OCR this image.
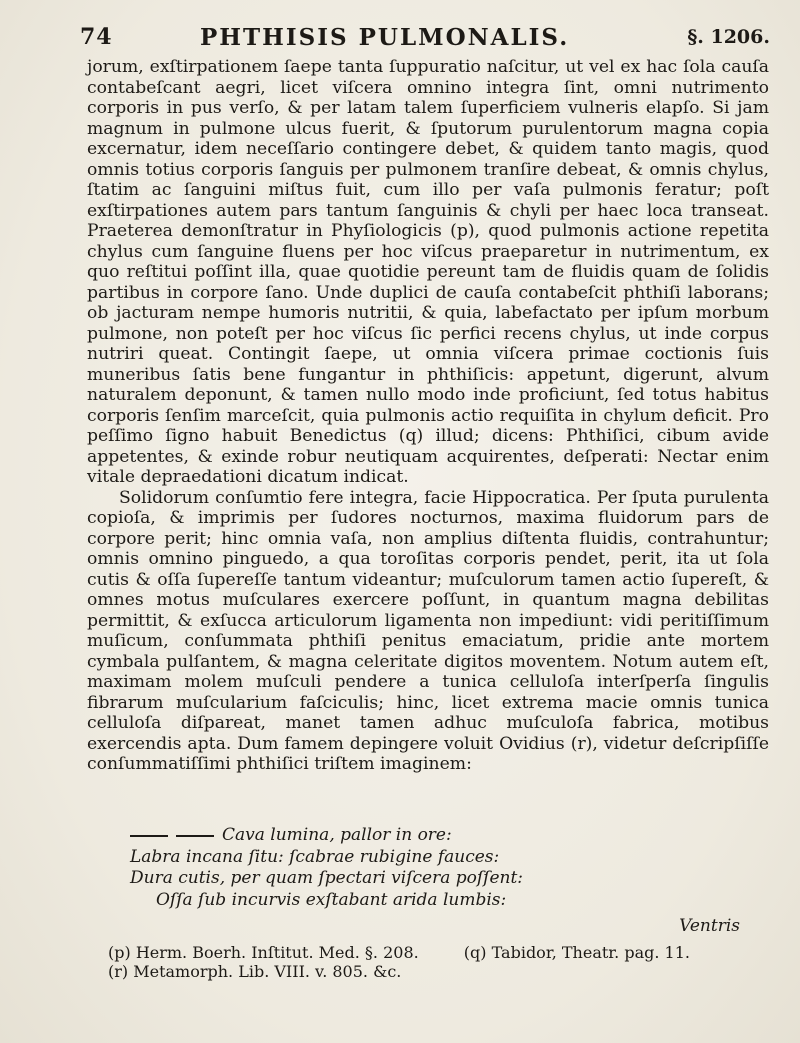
74	PHTHISIS PULMONALIS.	§. 1206.

jorum, exſtirpationem ſaepe tanta ſuppuratio naſcitur, ut vel ex hac ſola cauſa contabeſcant aegri, licet viſcera omnino integra ſint, omni nutrimento corporis in pus verſo, & per latam talem ſuperficiem vulneris elapſo. Si jam magnum in pulmone ulcus fuerit, & ſputorum purulentorum magna copia excernatur, idem neceſſario contingere debet, & quidem tanto magis, quod omnis totius corporis ſanguis per pulmonem tranſire debeat, & omnis chylus, ſtatim ac ſanguini miſtus fuit, cum illo per vaſa pulmonis feratur; poſt exſtirpationes autem pars tantum ſanguinis & chyli per haec loca transeat. Praeterea demonſtratur in Phyſiologicis (p), quod pulmonis actione repetita chylus cum ſanguine fluens per hoc viſcus praeparetur in nutrimentum, ex quo reſtitui poſſint illa, quae quotidie pereunt tam de fluidis quam de ſolidis partibus in corpore ſano. Unde duplici de cauſa contabeſcit phthiſi laborans; ob jacturam nempe humoris nutritii, & quia, labefactato per ipſum morbum pulmone, non poteſt per hoc viſcus ſic perfici recens chylus, ut inde corpus nutriri queat. Contingit ſaepe, ut omnia viſcera primae coctionis ſuis muneribus ſatis bene fungantur in phthiſicis: appetunt, digerunt, alvum naturalem deponunt, & tamen nullo modo inde proficiunt, ſed totus habitus corporis ſenſim marceſcit, quia pulmonis actio requiſita in chylum deficit. Pro peſſimo ſigno habuit Benedictus (q) illud; dicens: Phthiſici, cibum avide appetentes, & exinde robur neutiquam acquirentes, deſperati: Nectar enim vitale depraedationi dicatum indicat.

Solidorum conſumtio fere integra, facie Hippocratica. Per ſputa purulenta copioſa, & imprimis per ſudores nocturnos, maxima fluidorum pars de corpore perit; hinc omnia vaſa, non amplius diſtenta fluidis, contrahuntur; omnis omnino pinguedo, a qua toroſitas corporis pendet, perit, ita ut ſola cutis & oſſa ſupereſſe tantum videantur; muſculorum tamen actio ſupereſt, & omnes motus muſculares exercere poſſunt, in quantum magna debilitas permittit, & exſucca articulorum ligamenta non impediunt: vidi peritiſſimum muſicum, conſummata phthiſi penitus emaciatum, pridie ante mortem cymbala pulſantem, & magna celeritate digitos moventem. Notum autem eſt, maximam molem muſculi pendere a tunica celluloſa interſperſa ſingulis fibrarum muſcularium faſciculis; hinc, licet extrema macie omnis tunica celluloſa diſpareat, manet tamen adhuc muſculoſa fabrica, motibus exercendis apta. Dum famem depingere voluit Ovidius (r), videtur deſcripſiſſe conſummatiſſimi phthiſici triſtem imaginem:

Cava lumina, pallor in ore:
Labra incana ſitu: ſcabrae rubigine fauces:
Dura cutis, per quam ſpectari viſcera poſſent:
Oſſa ſub incurvis exſtabant arida lumbis:
Ventris
(p) Herm. Boerh. Inſtitut. Med. §. 208.	(q) Tabidor, Theatr. pag. 11.
(r) Metamorph. Lib. VIII. v. 805. &c.
